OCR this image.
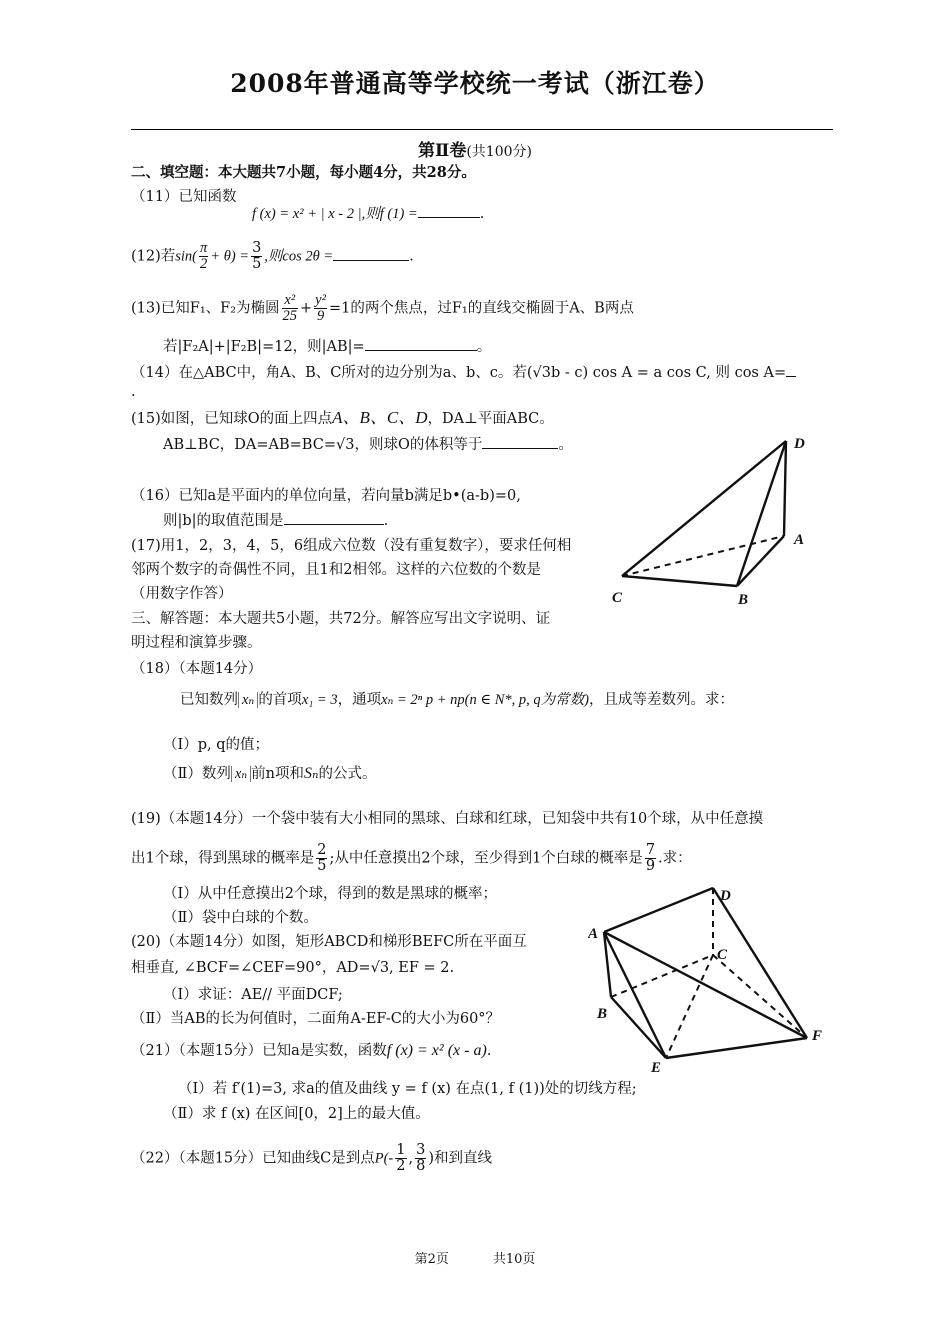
2008年普通高等学校统一考试（浙江卷）
第Ⅱ卷(共100分)
二、填空题：本大题共7小题，每小题4分，共28分。
（11）已知函数
f (x) = x² + | x - 2 |,则f (1) =	.
(12)若$\sin( \frac{\pi}{2} + \theta) = \frac{3}{5}$ ,则cos 2θ =	.
(13)已知F₁、F₂为椭圆 $\frac{\text{x²}}{25} + \frac{\text{y²}}{9} =1$的两个焦点，过F₁的直线交椭圆于A、B两点
若|F₂A|+|F₂B|=12，则|AB|=	。
（14）在△ABC中，角A、B、C所对的边分别为a、b、c。若(√3b - c) cos A = a cos C, 则 cos A=
.
(15)如图，已知球O的面上四点A、B、C、D，DA⊥平面ABC。
AB⊥BC，DA=AB=BC=√3，则球O的体积等于	。	D
A
C	B
（16）已知a是平面内的单位向量，若向量b满足b•(a-b)=0,
则|b|的取值范围是	.
(17)用1，2，3，4，5，6组成六位数（没有重复数字），要求任何相
邻两个数字的奇偶性不同，且1和2相邻。这样的六位数的个数是
（用数字作答）
三、解答题：本大题共5小题，共72分。解答应写出文字说明、证
明过程和演算步骤。
（18）（本题14分）
已知数列 xₙ 的首项x₁ = 3，通项xₙ = 2ⁿ p + np(n ∈ N*, p, q为常数)，且成等差数列。求：
（Ⅰ）p, q的值；
（Ⅱ）数列 xₙ 前n项和Sₙ的公式。
(19)（本题14分）一个袋中装有大小相同的黑球、白球和红球，已知袋中共有10个球，从中任意摸
出1个球，得到黑球的概率是 $\frac{2}{5}$ ;从中任意摸出2个球，至少得到1个白球的概率是 $\frac{7}{9}$ .求：
（Ⅰ）从中任意摸出2个球，得到的数是黑球的概率；
（Ⅱ）袋中白球的个数。
(20)（本题14分）如图，矩形ABCD和梯形BEFC所在平面互
相垂直, ∠BCF=∠CEF=90°，AD=√3, EF = 2.
（Ⅰ）求证：AE// 平面DCF;
（Ⅱ）当AB的长为何值时，二面角A-EF-C的大小为60°？
A
D
C
B
F
E
（21）（本题15分）已知a是实数，函数f (x) = x² (x - a).
（Ⅰ）若 f′(1)=3, 求a的值及曲线 y = f (x) 在点(1, f (1))处的切线方程;
（Ⅱ）求 f (x) 在区间[0，2]上的最大值。
（22）（本题15分）已知曲线C是到点$P(- \frac{1}{2}$ , $\frac{3}{8}$ )和到直线
第2页	共10页
